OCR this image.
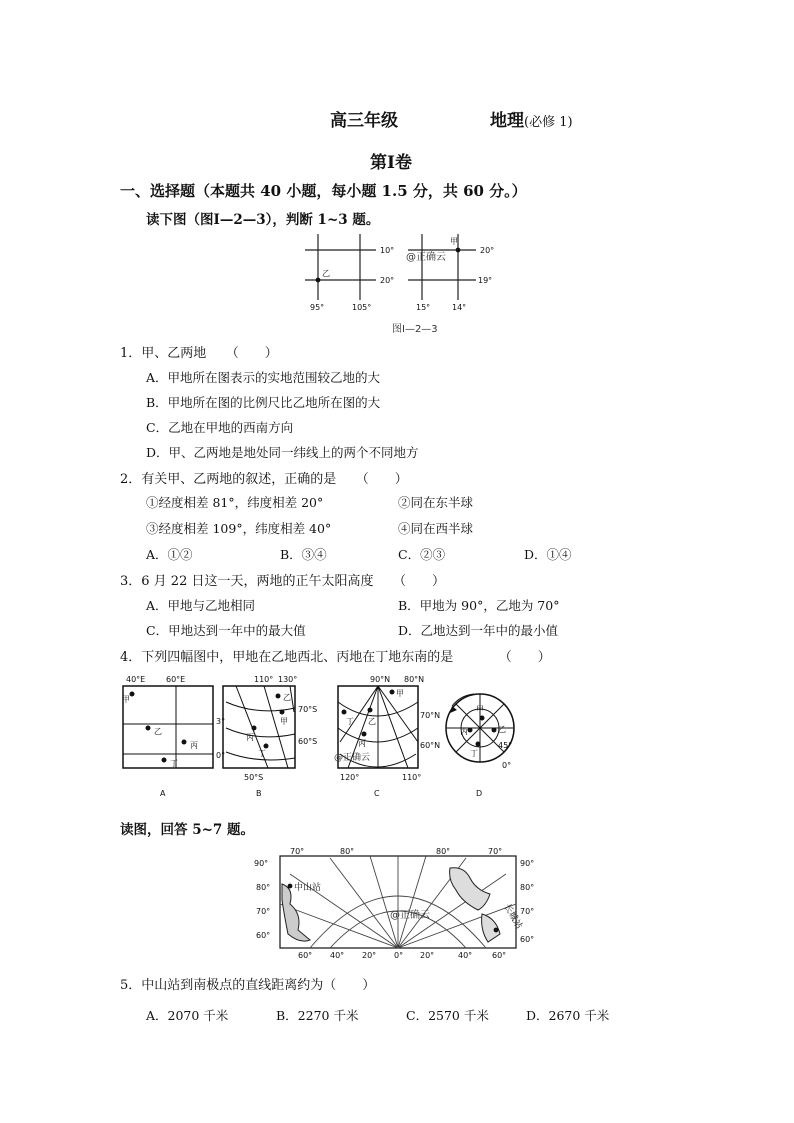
高三年级	地理(必修 1)
第Ⅰ卷
一、选择题（本题共 40 小题，每小题 1.5 分，共 60 分。）
读下图（图Ⅰ—2—3），判断 1~3 题。
乙
10°
20°
95°	105°
甲
20°
19°
15°	14°
@正确云
图Ⅰ—2—3
1．甲、乙两地　　（　　）
A．甲地所在图表示的实地范围较乙地的大
B．甲地所在图的比例尺比乙地所在图的大
C．乙地在甲地的西南方向
D．甲、乙两地是地处同一纬线上的两个不同地方
2．有关甲、乙两地的叙述，正确的是　　（　　）
①经度相差 81°，纬度相差 20°	②同在东半球
③经度相差 109°，纬度相差 40°	④同在西半球
A．①②	B．③④	C．②③	D．①④
3．6 月 22 日这一天，两地的正午太阳高度　　（　　）
A．甲地与乙地相同	B．甲地为 90°，乙地为 70°
C．甲地达到一年中的最大值	D．乙地达到一年中的最小值
4．下列四幅图中，甲地在乙地西北、丙地在丁地东南的是　　　　（　　）
40°E	60°E
3°
0°
甲
乙
丙
丁
A
110° 130°
70°S
60°S
50°S
乙
甲
丙
丁
B
90°N 80°N
70°N
60°N
120°	110°
甲
丁 乙
丙
@正确云
C
甲
丙	乙
丁
45°
0°
D
读图，回答 5~7 题。
70°	80°	80°	70°
60° 40° 20° 0° 20°	40° 60°
90°
80°
70°
60°
90°
80°
70°
60°
中山站
长城站
@正确云
5．中山站到南极点的直线距离约为（　　）
A．2070 千米	B．2270 千米	C．2570 千米	D．2670 千米
